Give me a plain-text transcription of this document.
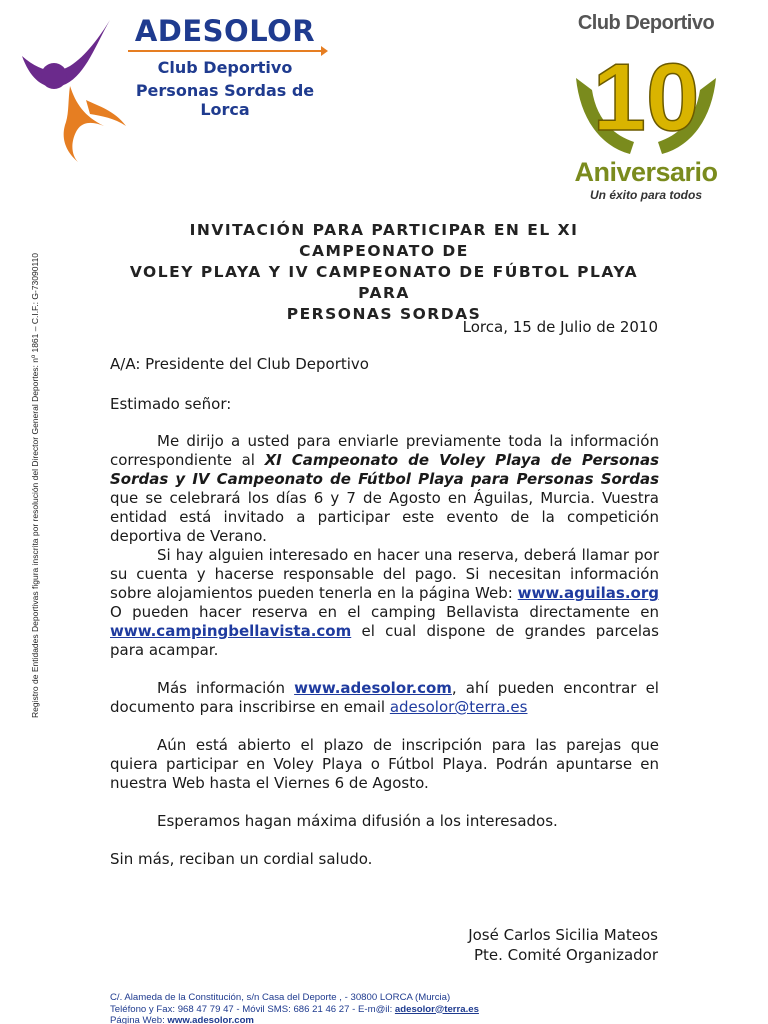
ADESOLOR
Club Deportivo
Personas Sordas de Lorca
Club Deportivo
10
Aniversario
Un éxito para todos
Registro de Entidades Deportivas figura inscrita por resolución del Director General Deportes: nº 1861 – C.I.F.: G-73090110
INVITACIÓN PARA PARTICIPAR EN EL XI CAMPEONATO DE
VOLEY PLAYA Y IV CAMPEONATO DE FÚBTOL PLAYA PARA
PERSONAS SORDAS
Lorca, 15 de Julio de 2010
A/A: Presidente del Club Deportivo
Estimado señor:
Me dirijo a usted para enviarle previamente toda la información correspondiente al XI Campeonato de Voley Playa de Personas Sordas y IV Campeonato de Fútbol Playa para Personas Sordas que se celebrará los días 6 y 7 de Agosto en Águilas, Murcia. Vuestra entidad está invitado a participar este evento de la competición deportiva de Verano.
Si hay alguien interesado en hacer una reserva, deberá llamar por su cuenta y hacerse responsable del pago. Si necesitan información sobre alojamientos pueden tenerla en la página Web: www.aguilas.org O pueden hacer reserva en el camping Bellavista directamente en www.campingbellavista.com el cual dispone de grandes parcelas para acampar.
Más información www.adesolor.com, ahí pueden encontrar el documento para inscribirse en email adesolor@terra.es
Aún está abierto el plazo de inscripción para las parejas que quiera participar en Voley Playa o Fútbol Playa. Podrán apuntarse en nuestra Web hasta el Viernes 6 de Agosto.
Esperamos hagan máxima difusión a los interesados.
Sin más, reciban un cordial saludo.
José Carlos Sicilia Mateos
Pte. Comité Organizador
C/. Alameda de la Constitución, s/n Casa del Deporte , - 30800 LORCA (Murcia)
Teléfono y Fax: 968 47 79 47 - Móvil SMS: 686 21 46 27 - E-m@il: adesolor@terra.es
Página Web: www.adesolor.com
